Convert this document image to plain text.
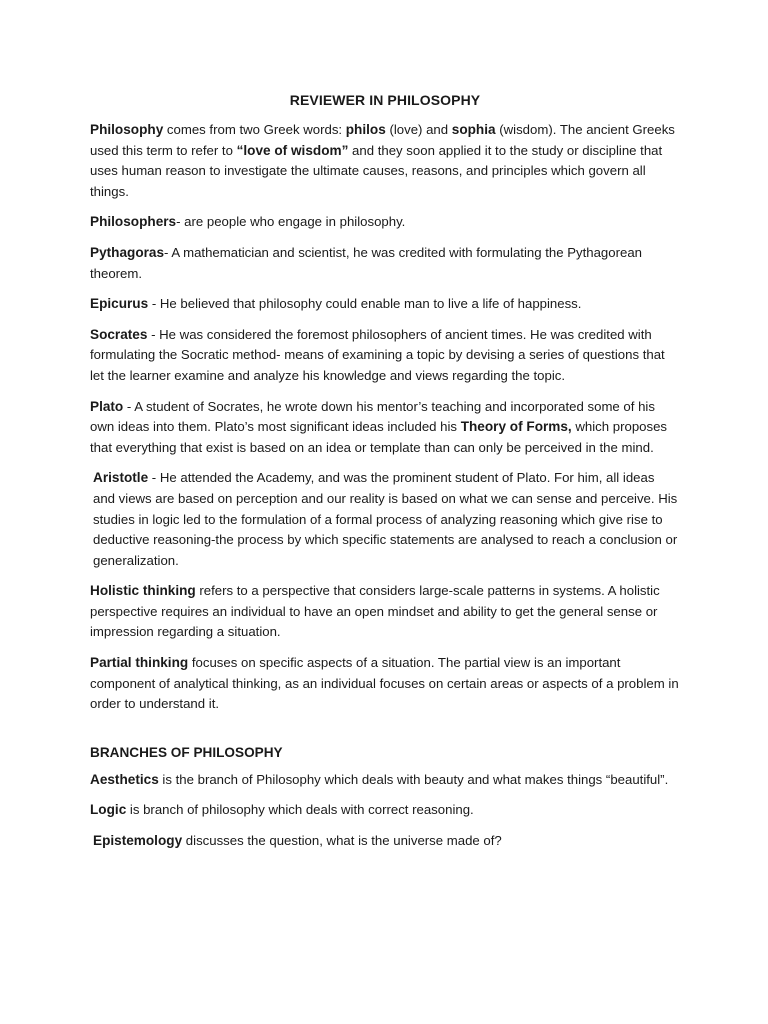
REVIEWER IN PHILOSOPHY

Philosophy comes from two Greek words: philos (love) and sophia (wisdom). The ancient Greeks used this term to refer to “love of wisdom” and they soon applied it to the study or discipline that uses human reason to investigate the ultimate causes, reasons, and principles which govern all things.

Philosophers- are people who engage in philosophy.

Pythagoras- A mathematician and scientist, he was credited with formulating the Pythagorean theorem.

Epicurus - He believed that philosophy could enable man to live a life of happiness.

Socrates - He was considered the foremost philosophers of ancient times. He was credited with formulating the Socratic method- means of examining a topic by devising a series of questions that let the learner examine and analyze his knowledge and views regarding the topic.

Plato - A student of Socrates, he wrote down his mentor’s teaching and incorporated some of his own ideas into them. Plato’s most significant ideas included his Theory of Forms, which proposes that everything that exist is based on an idea or template than can only be perceived in the mind.

Aristotle - He attended the Academy, and was the prominent student of Plato. For him, all ideas and views are based on perception and our reality is based on what we can sense and perceive. His studies in logic led to the formulation of a formal process of analyzing reasoning which give rise to deductive reasoning-the process by which specific statements are analysed to reach a conclusion or generalization.

Holistic thinking refers to a perspective that considers large-scale patterns in systems. A holistic perspective requires an individual to have an open mindset and ability to get the general sense or impression regarding a situation.

Partial thinking focuses on specific aspects of a situation. The partial view is an important component of analytical thinking, as an individual focuses on certain areas or aspects of a problem in order to understand it.

BRANCHES OF PHILOSOPHY

Aesthetics is the branch of Philosophy which deals with beauty and what makes things “beautiful”.

Logic is branch of philosophy which deals with correct reasoning.

Epistemology discusses the question, what is the universe made of?
